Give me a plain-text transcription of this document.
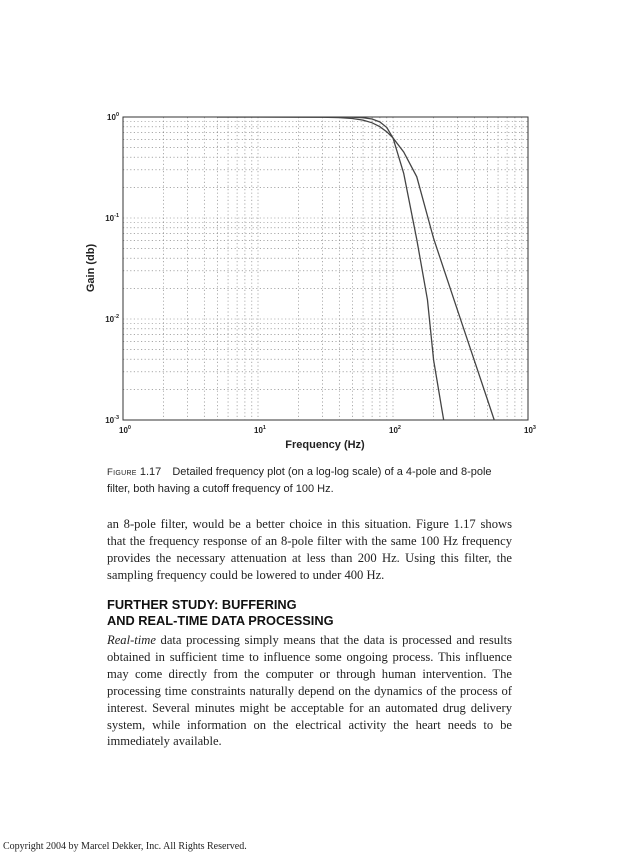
$10^0$	$10^1$	$10^2$	$10^3$
$10^0$
$10^{-1}$
$10^{-2}$
$10^{-3}$
Frequency (Hz)
Gain (db)
Figure 1.17 Detailed frequency plot (on a log-log scale) of a 4-pole and 8-pole filter, both having a cutoff frequency of 100 Hz.
an 8-pole filter, would be a better choice in this situation. Figure 1.17 shows that the frequency response of an 8-pole filter with the same 100 Hz frequency provides the necessary attenuation at less than 200 Hz. Using this filter, the sampling frequency could be lowered to under 400 Hz.
FURTHER STUDY: BUFFERING
AND REAL-TIME DATA PROCESSING
Real-time data processing simply means that the data is processed and results obtained in sufficient time to influence some ongoing process. This influence may come directly from the computer or through human intervention. The processing time constraints naturally depend on the dynamics of the process of interest. Several minutes might be acceptable for an automated drug delivery system, while information on the electrical activity the heart needs to be immediately available.
Copyright 2004 by Marcel Dekker, Inc. All Rights Reserved.
